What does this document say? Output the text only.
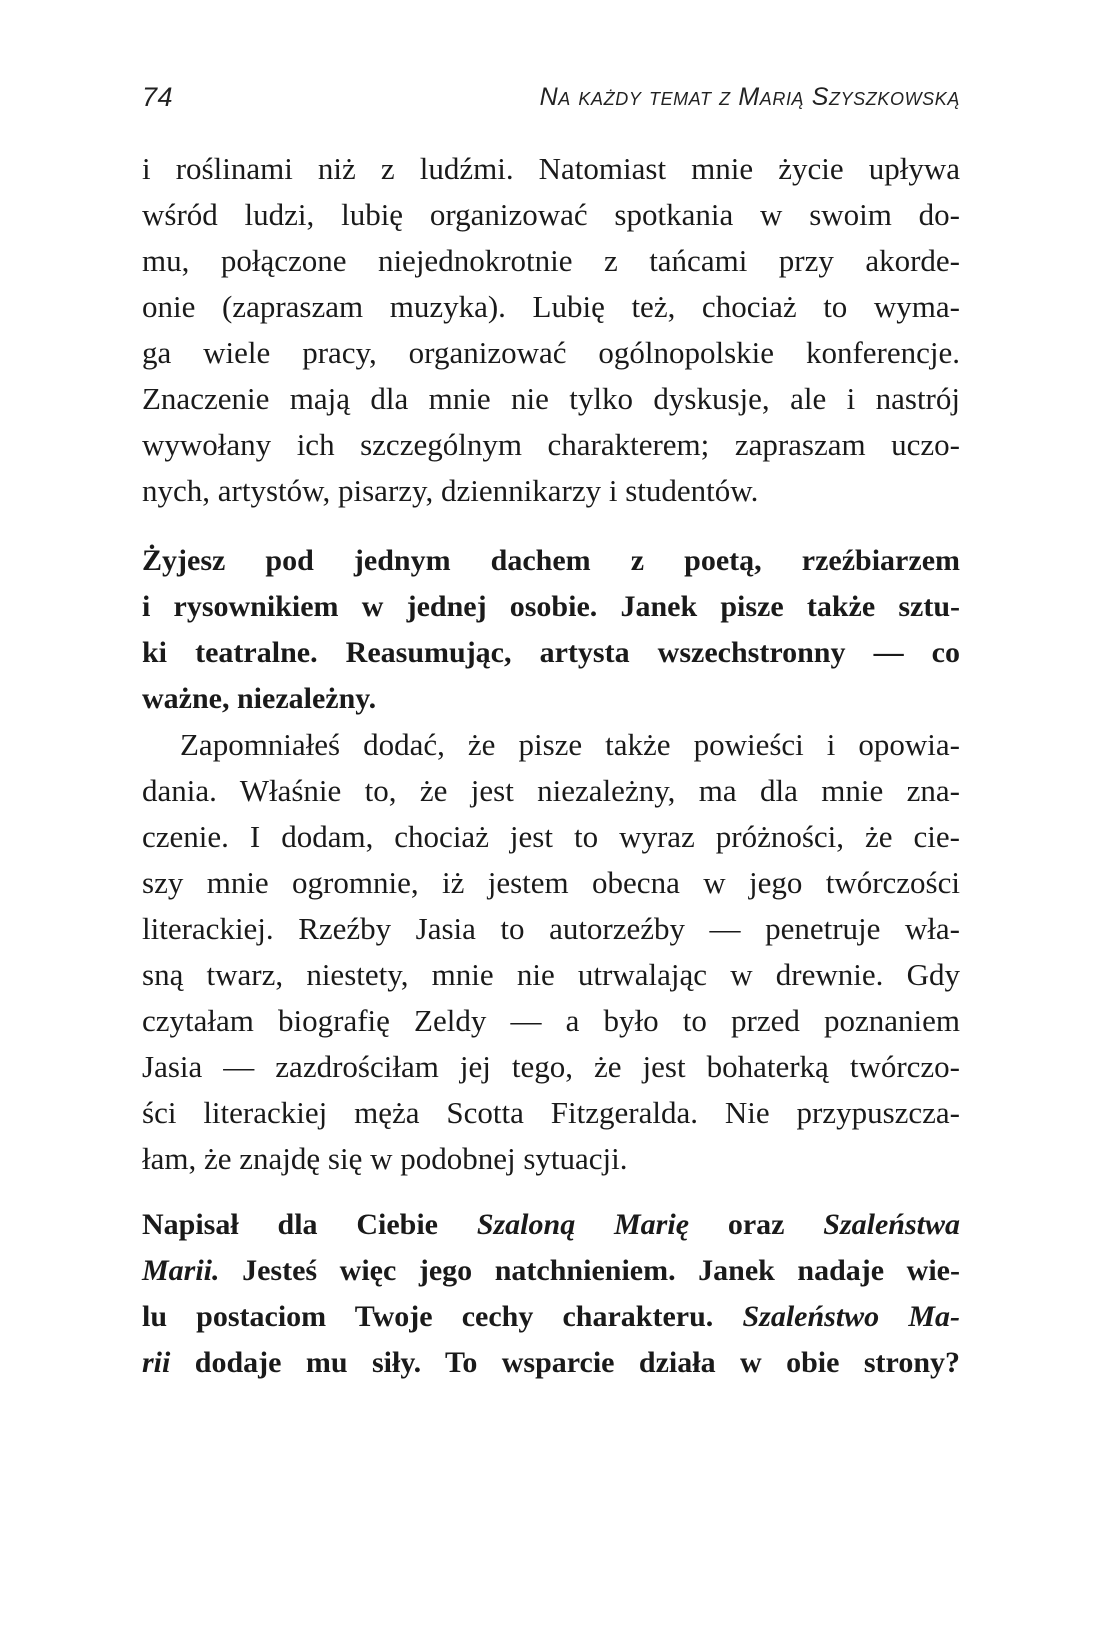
74	Na każdy temat z Marią Szyszkowską
i roślinami niż z ludźmi. Natomiast mnie życie upływa
wśród ludzi, lubię organizować spotkania w swoim do-
mu, połączone niejednokrotnie z tańcami przy akorde-
onie (zapraszam muzyka). Lubię też, chociaż to wyma-
ga wiele pracy, organizować ogólnopolskie konferencje.
Znaczenie mają dla mnie nie tylko dyskusje, ale i nastrój
wywołany ich szczególnym charakterem; zapraszam uczo-
nych, artystów, pisarzy, dziennikarzy i studentów.
Żyjesz pod jednym dachem z poetą, rzeźbiarzem
i rysownikiem w jednej osobie. Janek pisze także sztu-
ki teatralne. Reasumując, artysta wszechstronny — co
ważne, niezależny.
Zapomniałeś dodać, że pisze także powieści i opowia-
dania. Właśnie to, że jest niezależny, ma dla mnie zna-
czenie. I dodam, chociaż jest to wyraz próżności, że cie-
szy mnie ogromnie, iż jestem obecna w jego twórczości
literackiej. Rzeźby Jasia to autorzeźby — penetruje wła-
sną twarz, niestety, mnie nie utrwalając w drewnie. Gdy
czytałam biografię Zeldy — a było to przed poznaniem
Jasia — zazdrościłam jej tego, że jest bohaterką twórczo-
ści literackiej męża Scotta Fitzgeralda. Nie przypuszcza-
łam, że znajdę się w podobnej sytuacji.
Napisał dla Ciebie Szaloną Marię oraz Szaleństwa
Marii. Jesteś więc jego natchnieniem. Janek nadaje wie-
lu postaciom Twoje cechy charakteru. Szaleństwo Ma-
rii dodaje mu siły. To wsparcie działa w obie strony?
